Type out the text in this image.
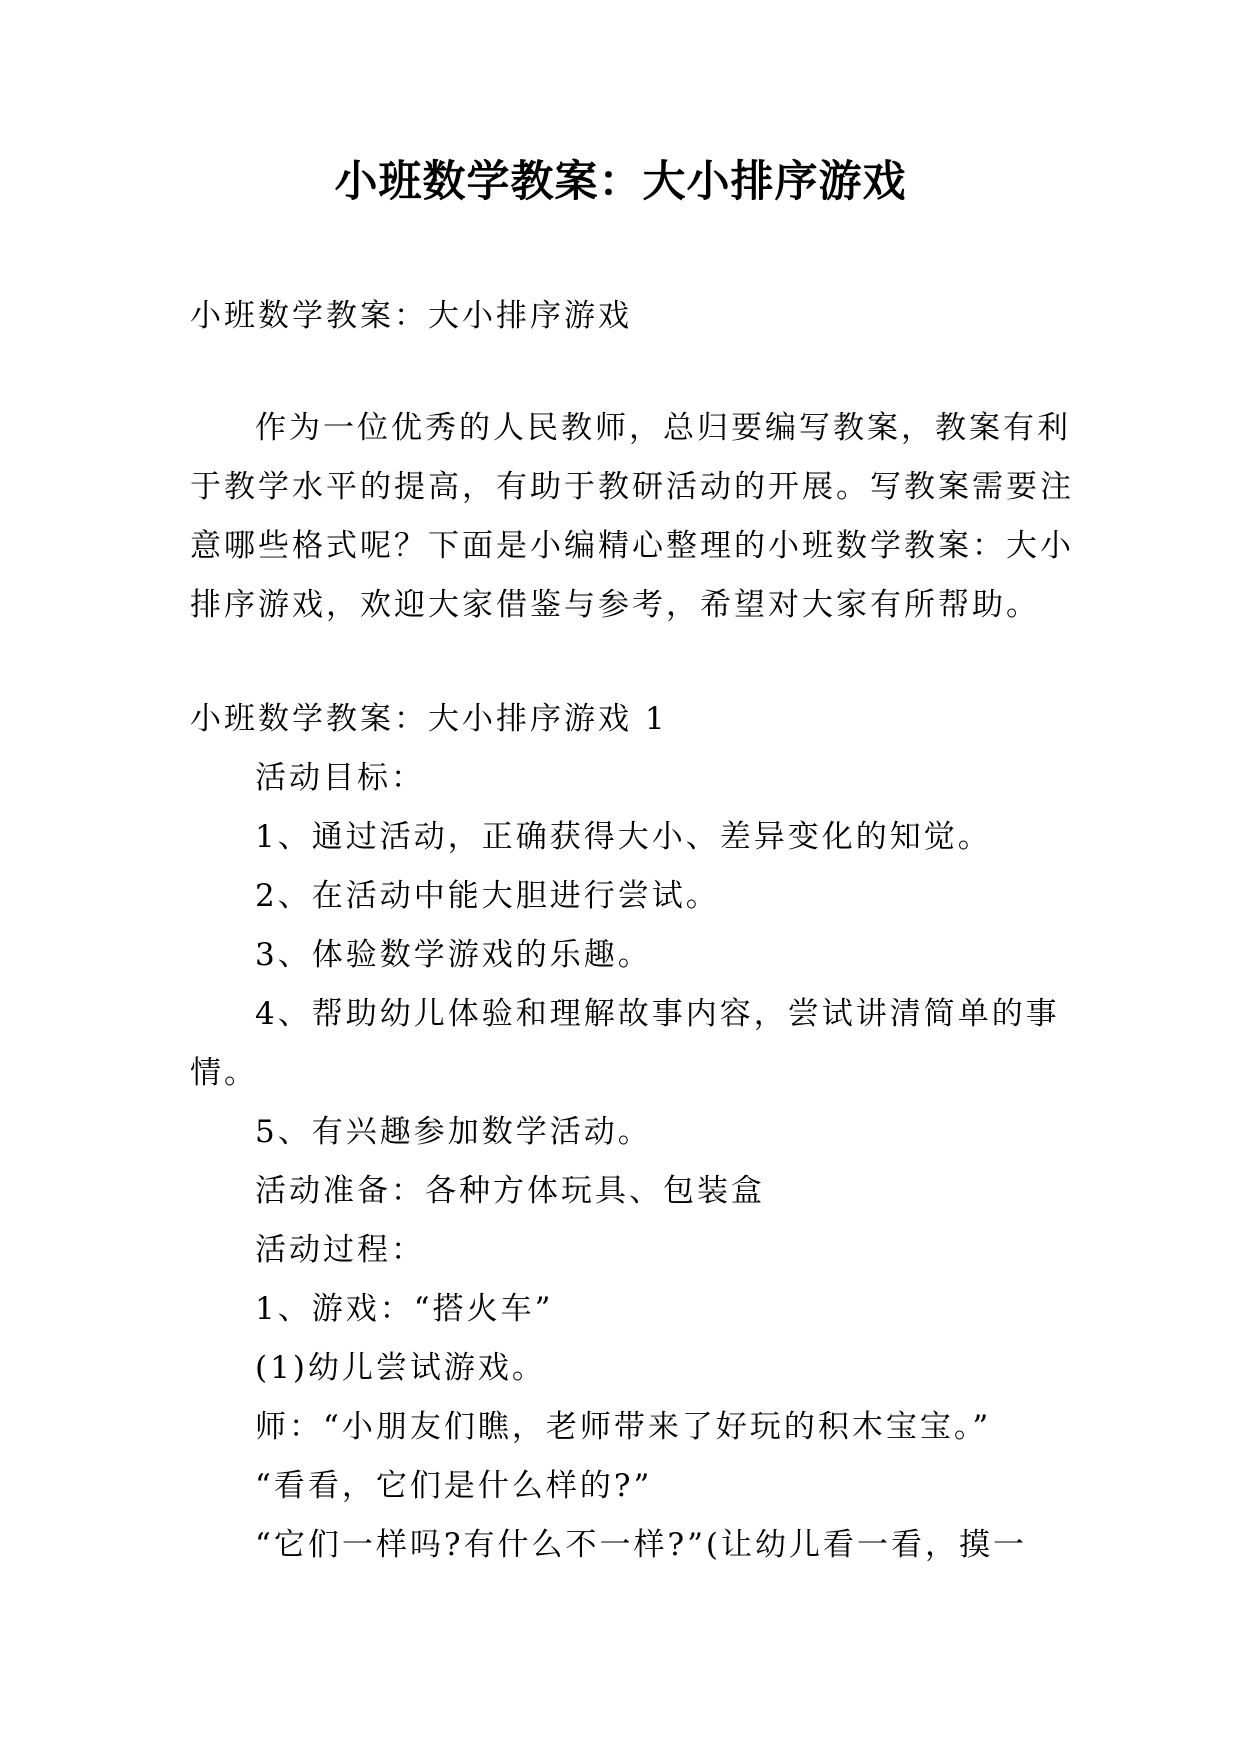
小班数学教案：大小排序游戏
小班数学教案：大小排序游戏
作为一位优秀的人民教师，总归要编写教案，教案有利
于教学水平的提高，有助于教研活动的开展。写教案需要注
意哪些格式呢？下面是小编精心整理的小班数学教案：大小
排序游戏，欢迎大家借鉴与参考，希望对大家有所帮助。
小班数学教案：大小排序游戏 1
活动目标：
1、通过活动，正确获得大小、差异变化的知觉。
2、在活动中能大胆进行尝试。
3、体验数学游戏的乐趣。
4、帮助幼儿体验和理解故事内容，尝试讲清简单的事
情。
5、有兴趣参加数学活动。
活动准备：各种方体玩具、包装盒
活动过程：
1、游戏：“搭火车”
(1)幼儿尝试游戏。
师：“小朋友们瞧，老师带来了好玩的积木宝宝。”
“看看，它们是什么样的?”
“它们一样吗?有什么不一样?”(让幼儿看一看，摸一
